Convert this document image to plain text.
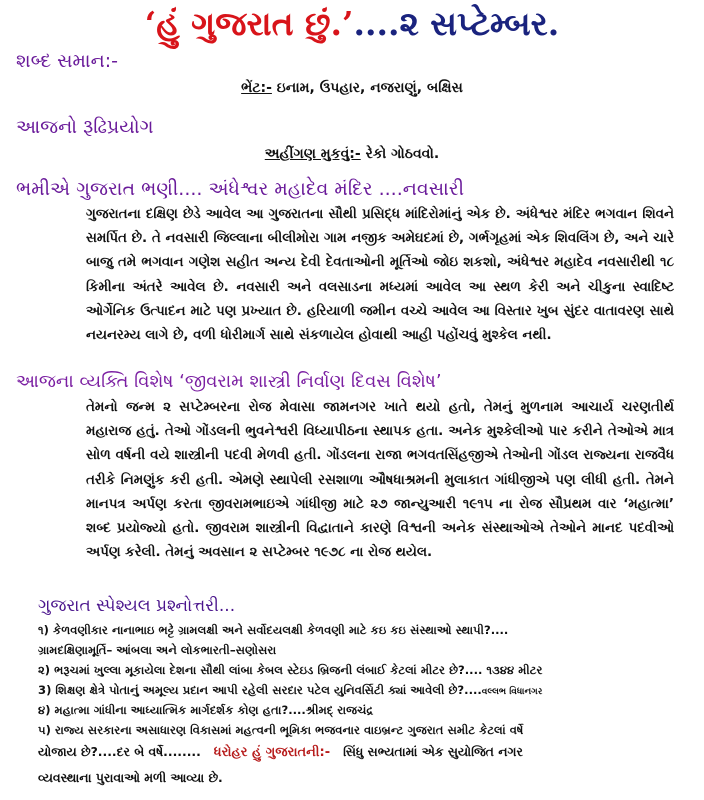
‘હું ગુજરાત છું.’....૨ સપ્ટેમ્બર.
શબ્દ સમાન:-
ભેંટ:- ઇનામ, ઉપહાર, નજરાણું, બક્ષિસ
આજનો રૂઢિપ્રયોગ
અહીંગણ મુકવું:- રેકો ગોઠવવો.
ભમીએ ગુજરાત ભણી.... અંધેશ્વર મહાદેવ મંદિર ....નવસારી

ગુજરાતના દક્ષિણ છેડે આવેલ આ ગુજરાતના સૌથી પ્રસિદ્ધ માંદિરોમાંનું એક છે. અંધેશ્વર મંદિર ભગવાન શિવને સમર્પિત છે. તે નવસારી જિલ્લાના બીલીમોરા ગામ નજીક અમેઘદમાં છે, ગર્ભગૃહમાં એક શિવલિંગ છે, અને ચારે બાજુ તમે ભગવાન ગણેશ સહીત અન્ય દેવી દેવતાઓની મૂર્તિઓ જોઇ શકશો, અંધેશ્વર મહાદેવ નવસારીથી ૧૮ કિમીના અંતરે આવેલ છે. નવસારી અને વલસાડના મધ્યમાં આવેલ આ સ્થળ કેરી અને ચીકુના સ્વાદિષ્ટ ઓર્ગેનિક ઉત્પાદન માટે પણ પ્રખ્યાત છે. હરિયાળી જમીન વચ્ચે આવેલ આ વિસ્તાર ખુબ સુંદર વાતાવરણ સાથે નયનરમ્ય લાગે છે, વળી ધોરીમાર્ગ સાથે સંકળાયેલ હોવાથી આહી પહોંચવું મુશ્કેલ નથી.

આજના વ્યક્તિ વિશેષ ‘જીવરામ શાસ્ત્રી નિર્વાણ દિવસ વિશેષ’

તેમનો જન્મ ૨ સપ્ટેમ્બરના રોજ મેવાસા જામનગર ખાતે થયો હતો, તેમનું મુળનામ આચાર્ય ચરણતીર્થ મહારાજ હતું. તેઓ ગોંડલની ભુવનેશ્વરી વિધ્યાપીઠના સ્થાપક હતા. અનેક મુશ્કેલીઓ પાર કરીને તેઓએ માત્ર સોળ વર્ષની વયે શાસ્ત્રીની પદવી મેળવી હતી. ગોંડલના રાજા ભગવતસિંહજીએ તેઓની ગોંડલ રાજ્યના રાજવૈધ તરીકે નિમણુંક કરી હતી. એમણે સ્થાપેલી રસશાળા ઔષધાશ્રમની મુલાકાત ગાંધીજીએ પણ લીધી હતી. તેમને માનપત્ર અર્પણ કરતા જીવરામભાઇએ ગાંધીજી માટે ૨૭ જાન્યુઆરી ૧૯૧૫ ના રોજ સૌપ્રથમ વાર ‘મહાત્મા’ શબ્દ પ્રયોજ્યો હતો. જીવરામ શાસ્ત્રીની વિદ્વાતાને કારણે વિશ્વની અનેક સંસ્થાઓએ તેઓને માનદ પદવીઓ અર્પણ કરેલી. તેમનું અવસાન ૨ સપ્ટેમ્બર ૧૯૭૮ ના રોજ થયેલ.

ગુજરાત સ્પેશ્યલ પ્રશ્નોત્તરી...
૧) કેળવણીકાર નાનાભાઇ ભટ્ટે ગ્રામલક્ષી અને સર્વોદયલક્ષી કેળવણી માટે કઇ કઇ સંસ્થાઓ સ્થાપી?....
ગ્રામદક્ષિણામૂર્તિ– આંબલા અને લોકભારતી–સણોસરા
૨) ભરૂચમાં ખુલ્લા મૂકાયેલા દેશના સૌથી લાંબા કેબલ સ્ટેઇડ બ્રિજની લંબાઈ કેટલાં મીટર છે?.... ૧૩૪૪ મીટર
3) શિક્ષણ ક્ષેત્રે પોતાનું અમૂલ્ય પ્રદાન આપી રહેલી સરદાર પટેલ યુનિવર્સિટી ક્યાં આવેલી છે?....વલ્લભ વિધાનગર
૪) મહાત્મા ગાંધીના આધ્યાત્મિક માર્ગદર્શક કોણ હતા?....શ્રીમદ્ રાજચંદ્ર
૫) રાજ્ય સરકારના અસાધારણ વિકાસમાં મહત્વની ભૂમિકા ભજવનાર વાઇબ્રન્ટ ગુજરાત સમીટ કેટલાં વર્ષે
યોજાય છે?....દર બે વર્ષે........ ધરોહર હું ગુજરાતની:- સિંધુ સભ્યતામાં એક સુયોજિત નગર
વ્યવસ્થાના પુરાવાઓ મળી આવ્યા છે.
